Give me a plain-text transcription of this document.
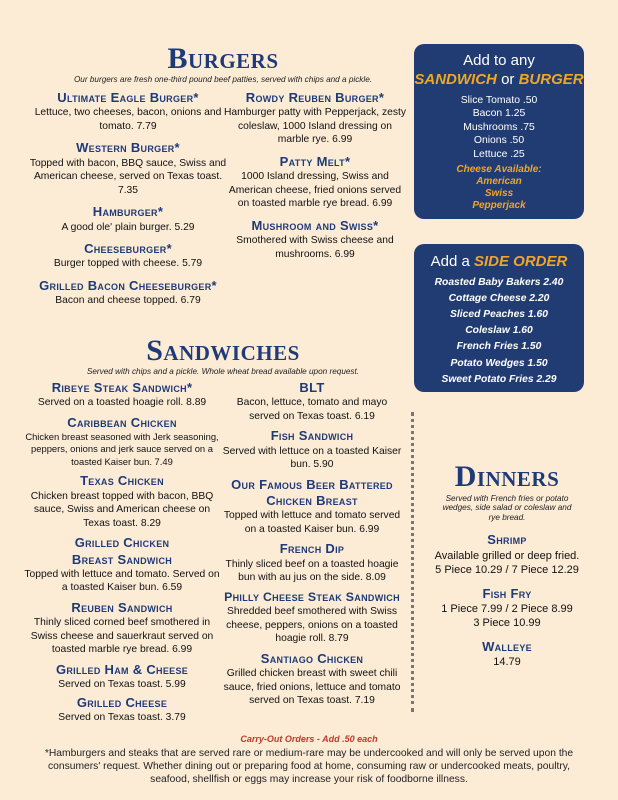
Burgers
Our burgers are fresh one-third pound beef patties, served with chips and a pickle.
Ultimate Eagle Burger*
Lettuce, two cheeses, bacon, onions and tomato. 7.79
Western Burger*
Topped with bacon, BBQ sauce, Swiss and American cheese, served on Texas toast. 7.35
Hamburger*
A good ole' plain burger. 5.29
Cheeseburger*
Burger topped with cheese. 5.79
Grilled Bacon Cheeseburger*
Bacon and cheese topped. 6.79
Rowdy Reuben Burger*
Hamburger patty with Pepperjack, zesty coleslaw, 1000 Island dressing on marble rye. 6.99
Patty Melt*
1000 Island dressing, Swiss and American cheese, fried onions served on toasted marble rye bread. 6.99
Mushroom and Swiss*
Smothered with Swiss cheese and mushrooms. 6.99
Add to any
SANDWICH or BURGER
Slice Tomato .50
Bacon 1.25
Mushrooms .75
Onions .50
Lettuce .25
Cheese Available:
American
Swiss
Pepperjack
Add a SIDE ORDER
Roasted Baby Bakers 2.40
Cottage Cheese 2.20
Sliced Peaches 1.60
Coleslaw 1.60
French Fries 1.50
Potato Wedges 1.50
Sweet Potato Fries 2.29
Sandwiches
Served with chips and a pickle. Whole wheat bread available upon request.
Ribeye Steak Sandwich*
Served on a toasted hoagie roll. 8.89
Caribbean Chicken
Chicken breast seasoned with Jerk seasoning, peppers, onions and jerk sauce served on a toasted Kaiser bun. 7.49
Texas Chicken
Chicken breast topped with bacon, BBQ sauce, Swiss and American cheese on Texas toast. 8.29
Grilled Chicken Breast Sandwich
Topped with lettuce and tomato. Served on a toasted Kaiser bun. 6.59
Reuben Sandwich
Thinly sliced corned beef smothered in Swiss cheese and sauerkraut served on toasted marble rye bread. 6.99
Grilled Ham & Cheese
Served on Texas toast. 5.99
Grilled Cheese
Served on Texas toast. 3.79
BLT
Bacon, lettuce, tomato and mayo served on Texas toast. 6.19
Fish Sandwich
Served with lettuce on a toasted Kaiser bun. 5.90
Our Famous Beer Battered Chicken Breast
Topped with lettuce and tomato served on a toasted Kaiser bun. 6.99
French Dip
Thinly sliced beef on a toasted hoagie bun with au jus on the side. 8.09
Philly Cheese Steak Sandwich
Shredded beef smothered with Swiss cheese, peppers, onions on a toasted hoagie roll. 8.79
Santiago Chicken
Grilled chicken breast with sweet chili sauce, fried onions, lettuce and tomato served on Texas toast. 7.19
Dinners
Served with French fries or potato wedges, side salad or coleslaw and rye bread.
Shrimp
Available grilled or deep fried.
5 Piece 10.29 / 7 Piece 12.29
Fish Fry
1 Piece 7.99 / 2 Piece 8.99
3 Piece 10.99
Walleye
14.79
Carry-Out Orders - Add .50 each
*Hamburgers and steaks that are served rare or medium-rare may be undercooked and will only be served upon the consumers' request. Whether dining out or preparing food at home, consuming raw or undercooked meats, poultry, seafood, shellfish or eggs may increase your risk of foodborne illness.
